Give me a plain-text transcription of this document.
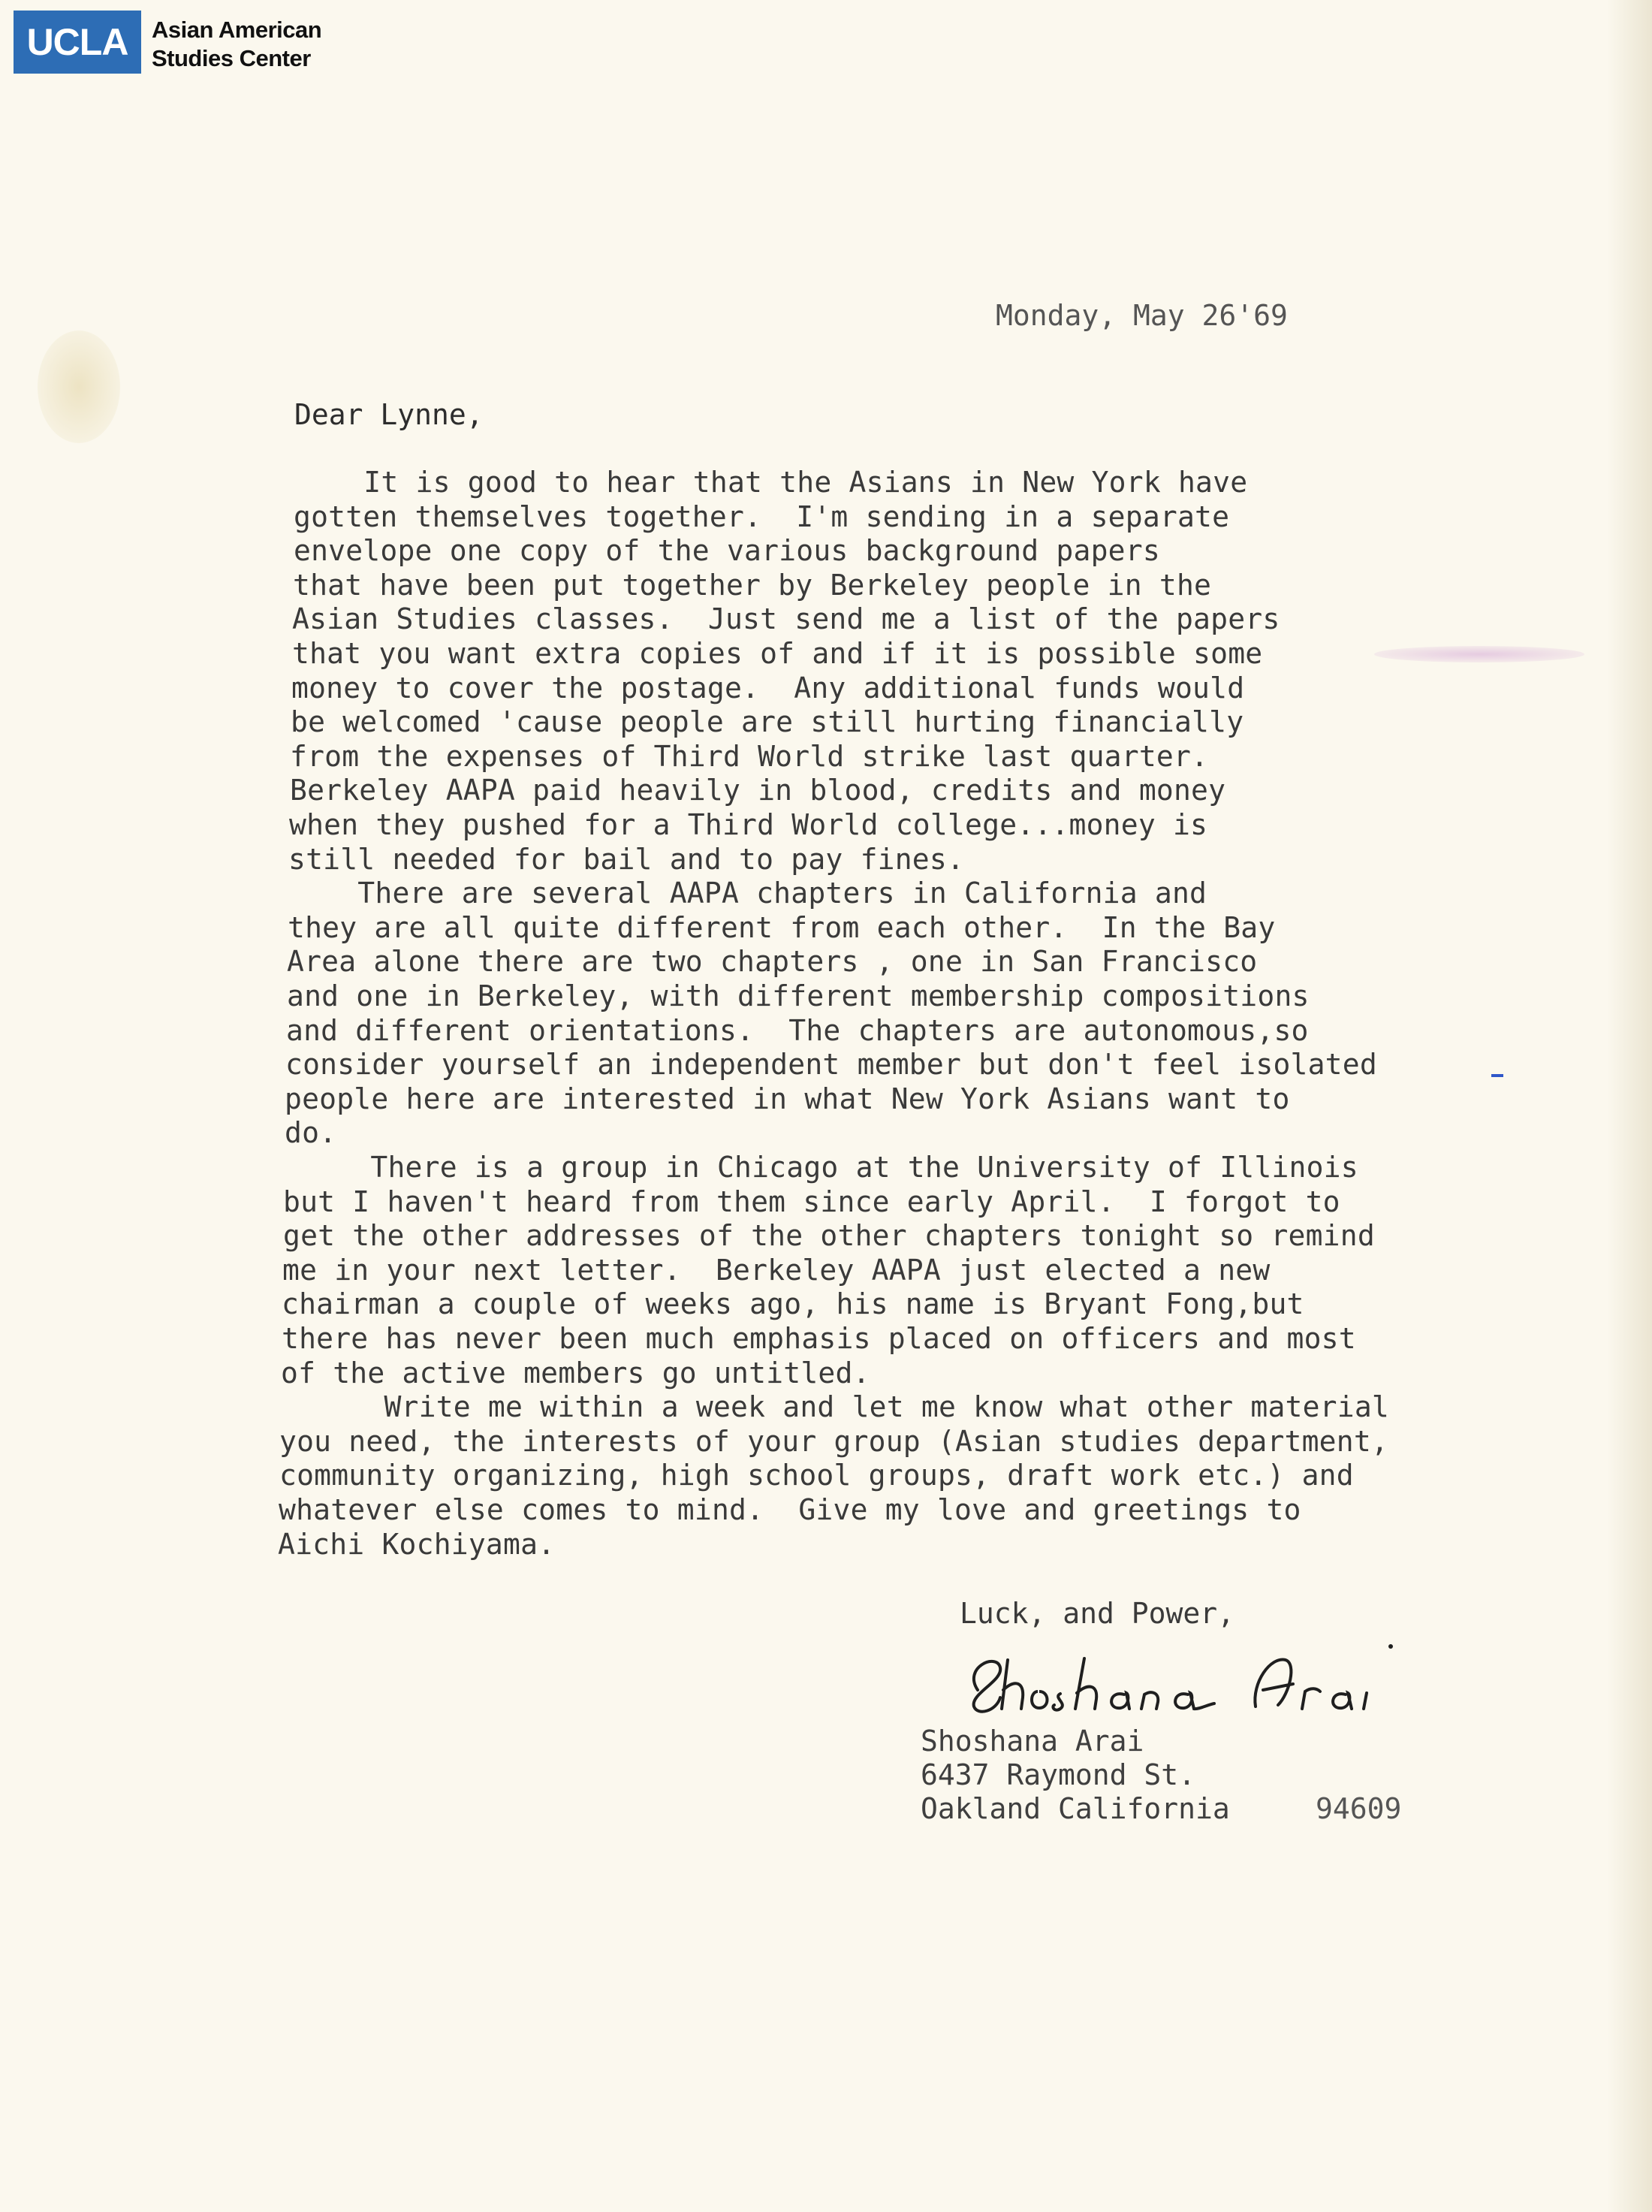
UCLA	Asian American
Studies Center
Monday, May 26'69
Dear Lynne,
It is good to hear that the Asians in New York have
gotten themselves together.  I'm sending in a separate
envelope one copy of the various background papers
that have been put together by Berkeley people in the
Asian Studies classes.  Just send me a list of the papers
that you want extra copies of and if it is possible some
money to cover the postage.  Any additional funds would
be welcomed 'cause people are still hurting financially
from the expenses of Third World strike last quarter.
Berkeley AAPA paid heavily in blood, credits and money
when they pushed for a Third World college...money is
still needed for bail and to pay fines.
There are several AAPA chapters in California and
they are all quite different from each other.  In the Bay
Area alone there are two chapters , one in San Francisco
and one in Berkeley, with different membership compositions
and different orientations.  The chapters are autonomous,so
consider yourself an independent member but don't feel isolated
people here are interested in what New York Asians want to
do.
There is a group in Chicago at the University of Illinois
but I haven't heard from them since early April.  I forgot to
get the other addresses of the other chapters tonight so remind
me in your next letter.  Berkeley AAPA just elected a new
chairman a couple of weeks ago, his name is Bryant Fong,but
there has never been much emphasis placed on officers and most
of the active members go untitled.
Write me within a week and let me know what other material
you need, the interests of your group (Asian studies department,
community organizing, high school groups, draft work etc.) and
whatever else comes to mind.  Give my love and greetings to
Aichi Kochiyama.
Luck, and Power,
Shoshana Arai
6437 Raymond St.
Oakland California	94609
